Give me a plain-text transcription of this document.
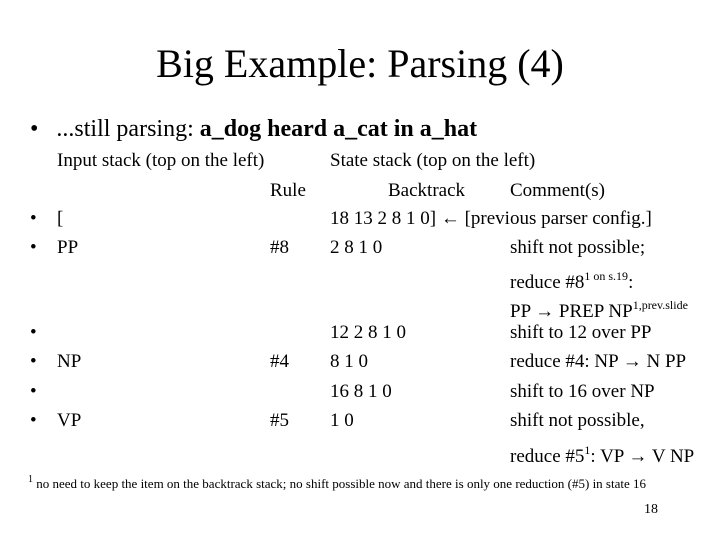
Big Example: Parsing (4)
• ...still parsing: a_dog heard a_cat in a_hat
Input stack (top on the left)	State stack (top on the left)
Rule	Backtrack Comment(s)
• [	18 13 2 8 1 0] ← [previous parser config.]
• PP	#8 2 8 1 0	shift not possible;
reduce $\#8^{1 on s.19}$:
PP → PREP $NP^{1,prev.slide}$
•	12 2 8 1 0	shift to 12 over PP
• NP	#4 8 1 0	reduce #4: NP → N PP
•	16 8 1 0	shift to 16 over NP
• VP	#5 1 0	shift not possible,
reduce $\#5^1$: VP → V NP
$^1$ no need to keep the item on the backtrack stack; no shift possible now and there is only one reduction (#5) in state 16
18
